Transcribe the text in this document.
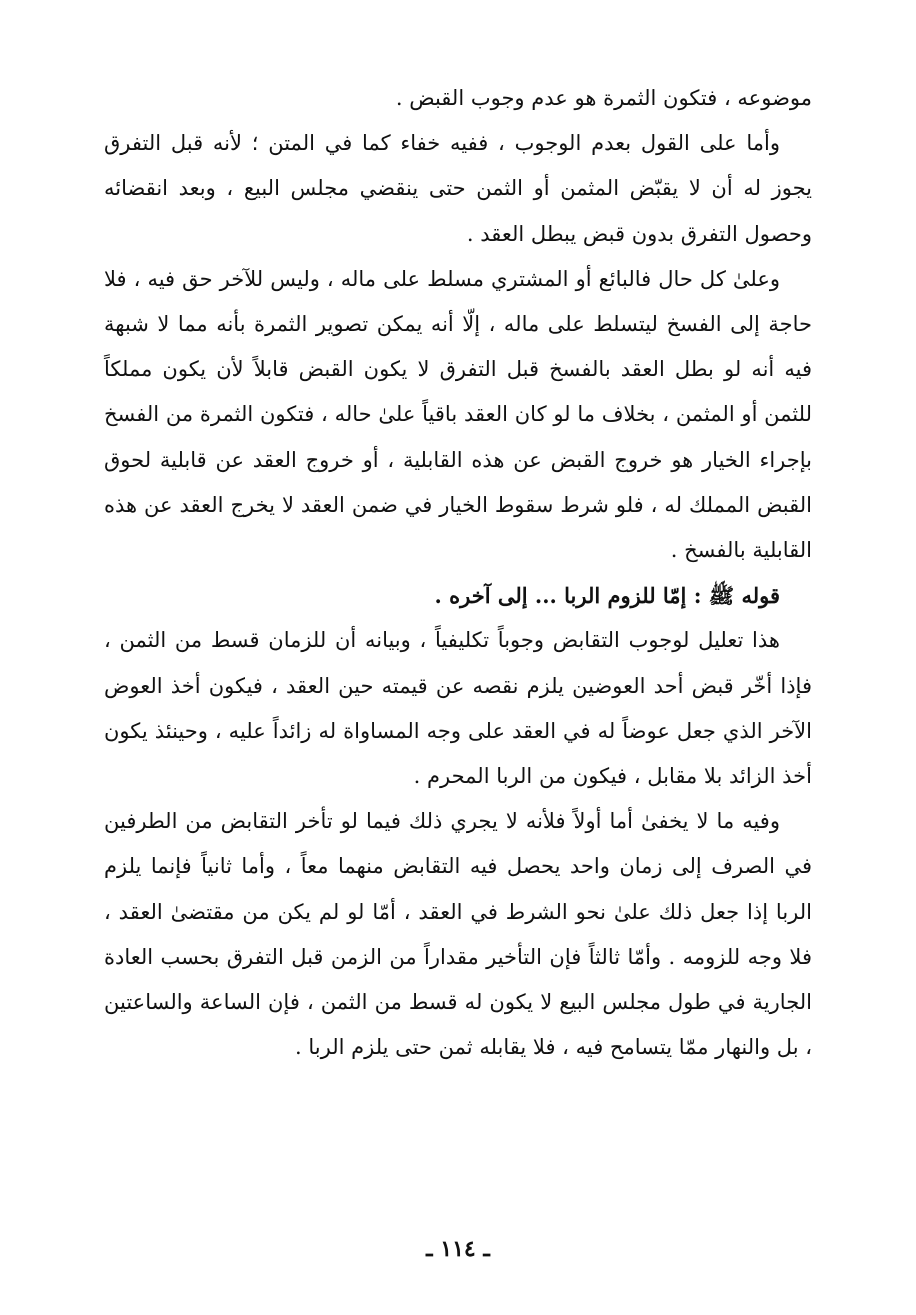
موضوعه ، فتكون الثمرة هو عدم وجوب القبض .

وأما على القول بعدم الوجوب ، ففيه خفاء كما في المتن ؛ لأنه قبل التفرق يجوز له أن لا يقبّض المثمن أو الثمن حتى ينقضي مجلس البيع ، وبعد انقضائه وحصول التفرق بدون قبض يبطل العقد .

وعلىٰ كل حال فالبائع أو المشتري مسلط على ماله ، وليس للآخر حق فيه ، فلا حاجة إلى الفسخ ليتسلط على ماله ، إلّا أنه يمكن تصوير الثمرة بأنه مما لا شبهة فيه أنه لو بطل العقد بالفسخ قبل التفرق لا يكون القبض قابلاً لأن يكون مملكاً للثمن أو المثمن ، بخلاف ما لو كان العقد باقياً علىٰ حاله ، فتكون الثمرة من الفسخ بإجراء الخيار هو خروج القبض عن هذه القابلية ، أو خروج العقد عن قابلية لحوق القبض المملك له ، فلو شرط سقوط الخيار في ضمن العقد لا يخرج العقد عن هذه القابلية بالفسخ .

قوله ﷺ : إمّا للزوم الربا ... إلى آخره .

هذا تعليل لوجوب التقابض وجوباً تكليفياً ، وبيانه أن للزمان قسط من الثمن ، فإذا أخّر قبض أحد العوضين يلزم نقصه عن قيمته حين العقد ، فيكون أخذ العوض الآخر الذي جعل عوضاً له في العقد على وجه المساواة له زائداً عليه ، وحينئذ يكون أخذ الزائد بلا مقابل ، فيكون من الربا المحرم .

وفيه ما لا يخفىٰ أما أولاً فلأنه لا يجري ذلك فيما لو تأخر التقابض من الطرفين في الصرف إلى زمان واحد يحصل فيه التقابض منهما معاً ، وأما ثانياً فإنما يلزم الربا إذا جعل ذلك علىٰ نحو الشرط في العقد ، أمّا لو لم يكن من مقتضىٰ العقد ، فلا وجه للزومه . وأمّا ثالثاً فإن التأخير مقداراً من الزمن قبل التفرق بحسب العادة الجارية في طول مجلس البيع لا يكون له قسط من الثمن ، فإن الساعة والساعتين ، بل والنهار ممّا يتسامح فيه ، فلا يقابله ثمن حتى يلزم الربا .

ـ ١١٤ ـ
